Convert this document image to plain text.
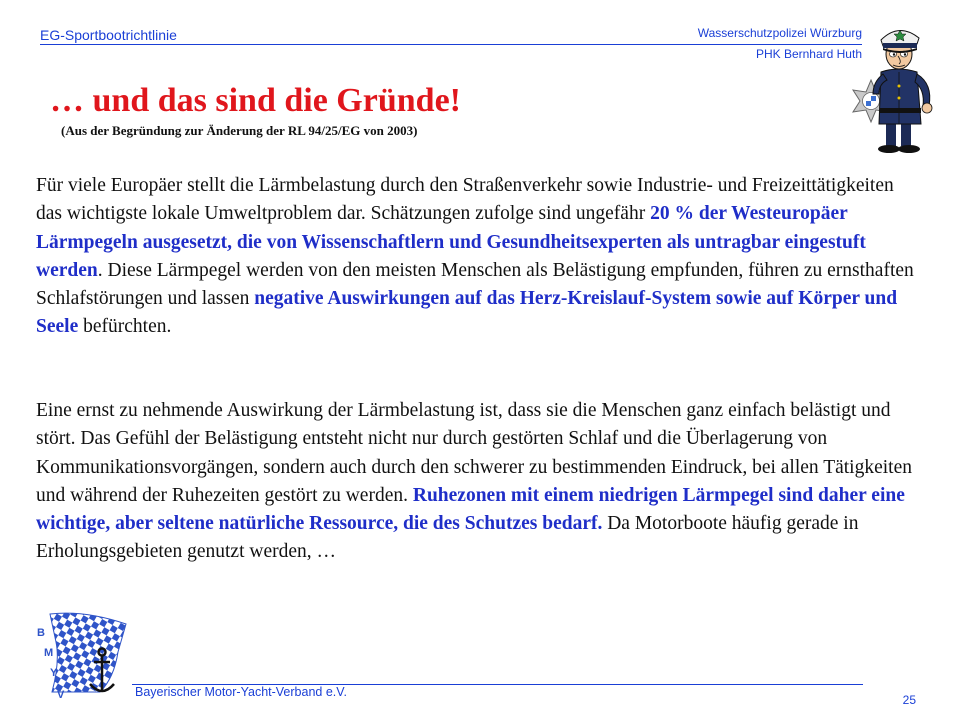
EG-Sportbootrichtlinie	Wasserschutzpolizei Würzburg
PHK Bernhard Huth
… und das sind die Gründe!
(Aus der Begründung zur Änderung der RL 94/25/EG von 2003)

Für viele Europäer stellt die Lärmbelastung durch den Straßenverkehr sowie Industrie- und Freizeittätigkeiten das wichtigste lokale Umweltproblem dar. Schätzungen zufolge sind ungefähr 20 % der Westeuropäer Lärmpegeln ausgesetzt, die von Wissenschaftlern und Gesundheitsexperten als untragbar eingestuft werden. Diese Lärmpegel werden von den meisten Menschen als Belästigung empfunden, führen zu ernsthaften Schlafstörungen und lassen negative Auswirkungen auf das Herz-Kreislauf-System sowie auf Körper und Seele befürchten.

Eine ernst zu nehmende Auswirkung der Lärmbelastung ist, dass sie die Menschen ganz einfach belästigt und stört. Das Gefühl der Belästigung entsteht nicht nur durch gestörten Schlaf und die Überlagerung von Kommunikationsvorgängen, sondern auch durch den schwerer zu bestimmenden Eindruck, bei allen Tätigkeiten und während der Ruhezeiten gestört zu werden. Ruhezonen mit einem niedrigen Lärmpegel sind daher eine wichtige, aber seltene natürliche Ressource, die des Schutzes bedarf. Da Motorboote häufig gerade in Erholungsgebieten genutzt werden, …

B
M
Y
V	Bayerischer Motor-Yacht-Verband e.V.
25
